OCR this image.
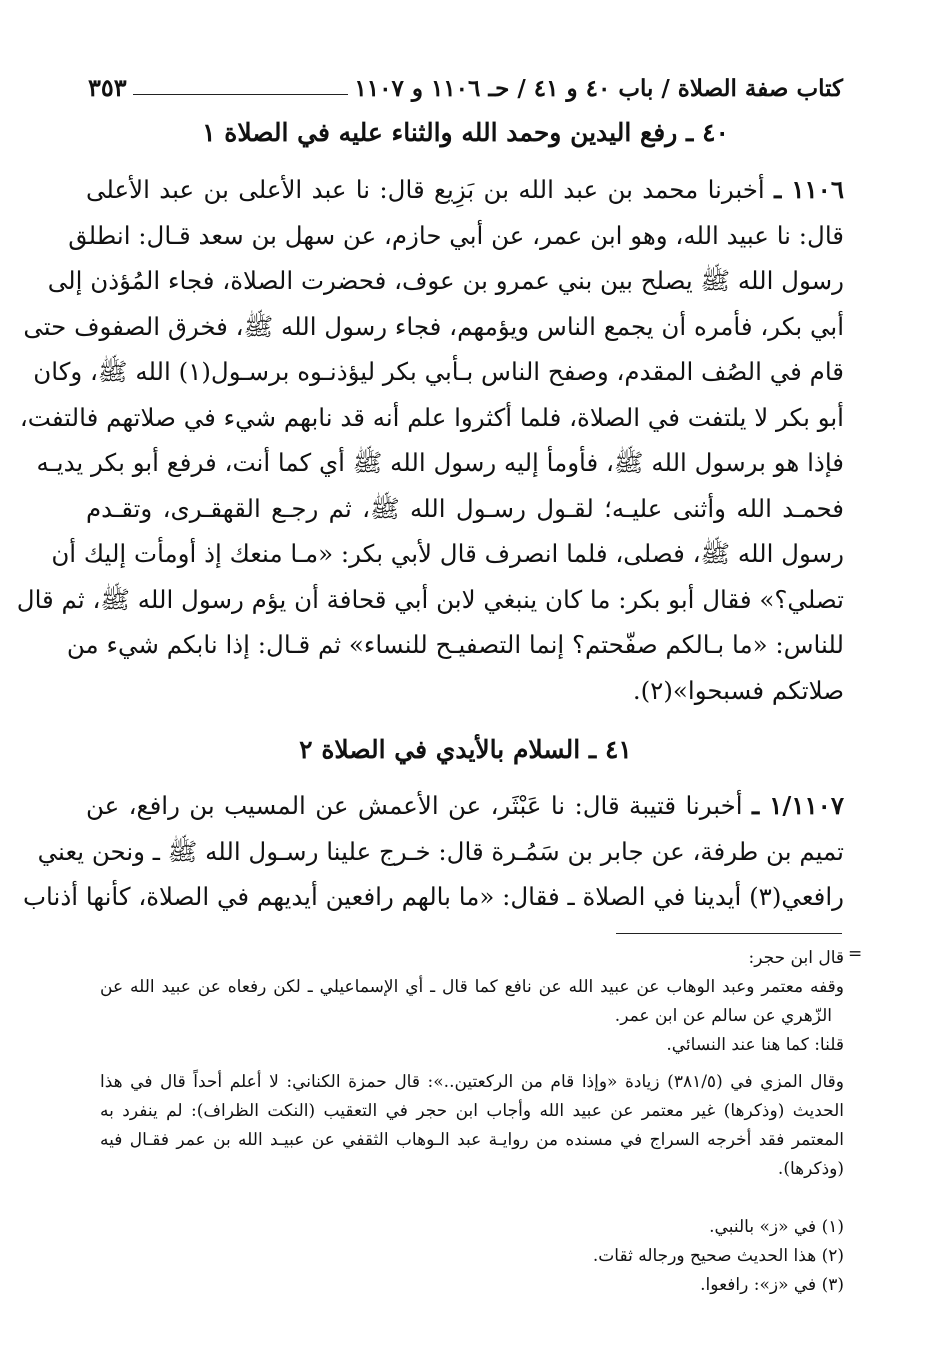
كتاب صفة الصلاة / باب ٤٠ و ٤١ / حـ ١١٠٦ و ١١٠٧
٣٥٣
٤٠ ـ رفع اليدين وحمد الله والثناء عليه في الصلاة ١
١١٠٦ ـ أخبرنا محمد بن عبد الله بن بَزِيع قال: نا عبد الأعلى بن عبد الأعلى
قال: نا عبيد الله، وهو ابن عمر، عن أبي حازم، عن سهل بن سعد قـال: انطلق
رسول الله ﷺ يصلح بين بني عمرو بن عوف، فحضرت الصلاة، فجاء المُؤذن إلى
أبي بكر، فأمره أن يجمع الناس ويؤمهم، فجاء رسول الله ﷺ، فخرق الصفوف حتى
قام في الصُف المقدم، وصفح الناس بـأبي بكر ليؤذنـوه برسـول(١) الله ﷺ، وكان
أبو بكر لا يلتفت في الصلاة، فلما أكثروا علم أنه قد نابهم شيء في صلاتهم فالتفت،
فإذا هو برسول الله ﷺ، فأومأ إليه رسول الله ﷺ أي كما أنت، فرفع أبو بكر يديـه
فحمـد الله وأثنى عليـه؛ لقـول رسـول الله ﷺ، ثم رجـع القهقـرى، وتقـدم
رسول الله ﷺ، فصلى، فلما انصرف قال لأبي بكر: «مـا منعك إذ أومأت إليك أن
تصلي؟» فقال أبو بكر: ما كان ينبغي لابن أبي قحافة أن يؤم رسول الله ﷺ، ثم قال
للناس: «ما بـالكم صفّحتم؟ إنما التصفيـح للنساء» ثم قـال: إذا نابكم شيء من
صلاتكم فسبحوا»(٢).
٤١ ـ السلام بالأيدي في الصلاة ٢
١/١١٠٧ ـ أخبرنا قتيبة قال: نا عَبْثَر، عن الأعمش عن المسيب بن رافع، عن
تميم بن طرفة، عن جابر بن سَمُـرة قال: خـرج علينا رسـول الله ﷺ ـ ونحن يعني
رافعي(٣) أيدينا في الصلاة ـ فقال: «ما بالهم رافعين أيديهم في الصلاة، كأنها أذناب
=
قال ابن حجر:
وقفه معتمر وعبد الوهاب عن عبيد الله عن نافع كما قال ـ أي الإسماعيلي ـ لكن رفعاه عن عبيد الله عن
الزّهري عن سالم عن ابن عمر.
قلنا: كما هنا عند النسائي.
وقال المزي في (٣٨١/٥) زيادة «وإذا قام من الركعتين..»: قال حمزة الكناني: لا أعلم أحداً قال في هذا
الحديث (وذكرها) غير معتمر عن عبيد الله وأجاب ابن حجر في التعقيب (النكت الظراف): لم ينفرد به
المعتمر فقد أخرجه السراج في مسنده من روايـة عبد الـوهاب الثقفي عن عبيـد الله بن عمر فقـال فيه
(وذكرها).
(١) في «ز» بالنبي.
(٢) هذا الحديث صحيح ورجاله ثقات.
(٣) في «ز»: رافعوا.
